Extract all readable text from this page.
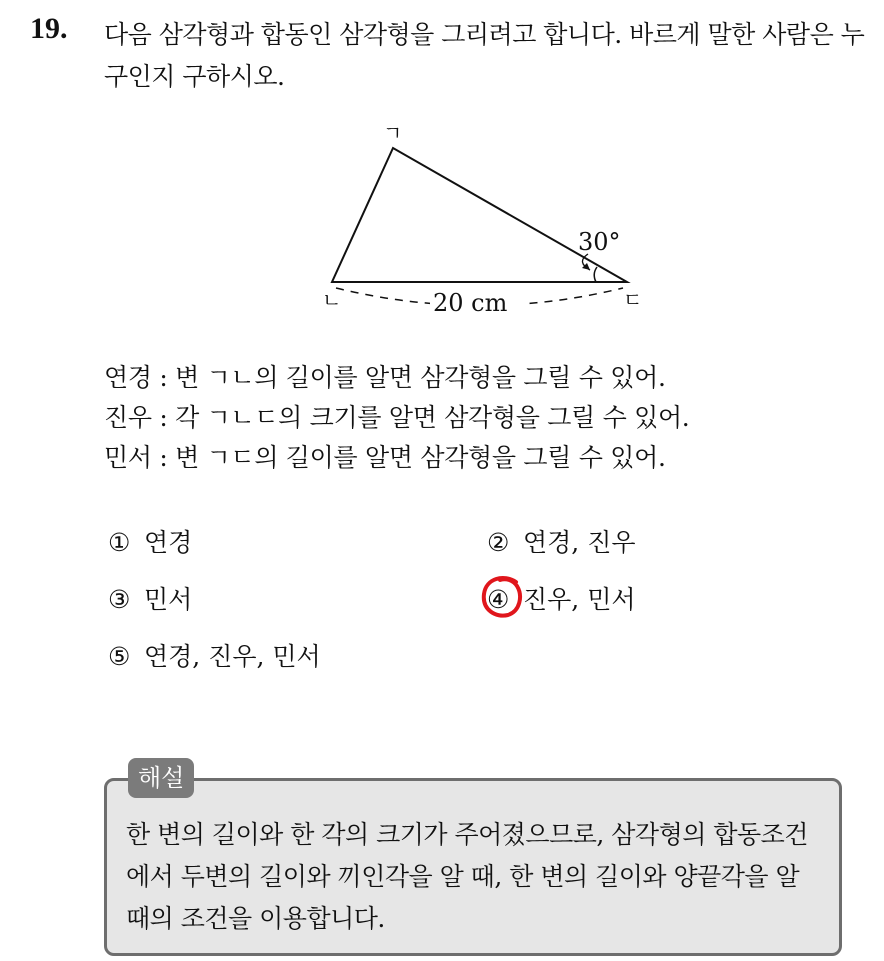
19. 다음 삼각형과 합동인 삼각형을 그리려고 합니다. 바르게 말한 사람은 누구인지 구하시오.
ㄱ
ㄴ	ㄷ
30°
20 cm
연경 : 변 ㄱㄴ의 길이를 알면 삼각형을 그릴 수 있어.
진우 : 각 ㄱㄴㄷ의 크기를 알면 삼각형을 그릴 수 있어.
민서 : 변 ㄱㄷ의 길이를 알면 삼각형을 그릴 수 있어.
① 연경	② 연경, 진우
③ 민서	④ 진우, 민서
⑤ 연경, 진우, 민서
해설
한 변의 길이와 한 각의 크기가 주어졌으므로, 삼각형의 합동조건에서 두변의 길이와 끼인각을 알 때, 한 변의 길이와 양끝각을 알 때의 조건을 이용합니다.
